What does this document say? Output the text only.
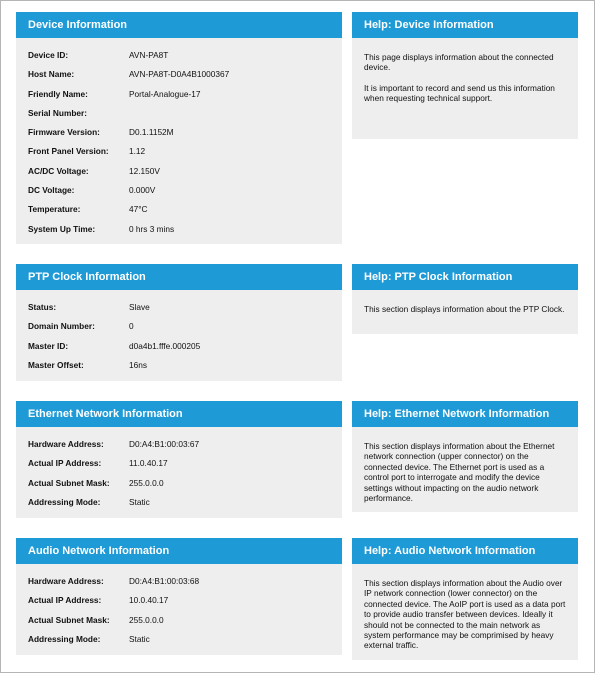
Device Information
Device ID:	AVN-PA8T
Host Name:	AVN-PA8T-D0A4B1000367
Friendly Name:	Portal-Analogue-17
Serial Number:
Firmware Version:	D0.1.1152M
Front Panel Version: 1.12
AC/DC Voltage:	12.150V
DC Voltage:	0.000V
Temperature:	47°C
System Up Time:	0 hrs 3 mins
Help: Device Information

This page displays information about the connected device.

It is important to record and send us this information when requesting technical support.

PTP Clock Information
Status:	Slave
Domain Number:	0
Master ID:	d0a4b1.fffe.000205
Master Offset:	16ns
Help: PTP Clock Information

This section displays information about the PTP Clock.

Ethernet Network Information
Hardware Address:	D0:A4:B1:00:03:67
Actual IP Address:	11.0.40.17
Actual Subnet Mask: 255.0.0.0
Addressing Mode:	Static
Help: Ethernet Network Information

This section displays information about the Ethernet network connection (upper connector) on the connected device. The Ethernet port is used as a control port to interrogate and modify the device settings without impacting on the audio network performance.

Audio Network Information
Hardware Address:	D0:A4:B1:00:03:68
Actual IP Address:	10.0.40.17
Actual Subnet Mask: 255.0.0.0
Addressing Mode:	Static
Help: Audio Network Information

This section displays information about the Audio over IP network connection (lower connector) on the connected device. The AoIP port is used as a data port to provide audio transfer between devices. Ideally it should not be connected to the main network as system performance may be comprimised by heavy external traffic.
